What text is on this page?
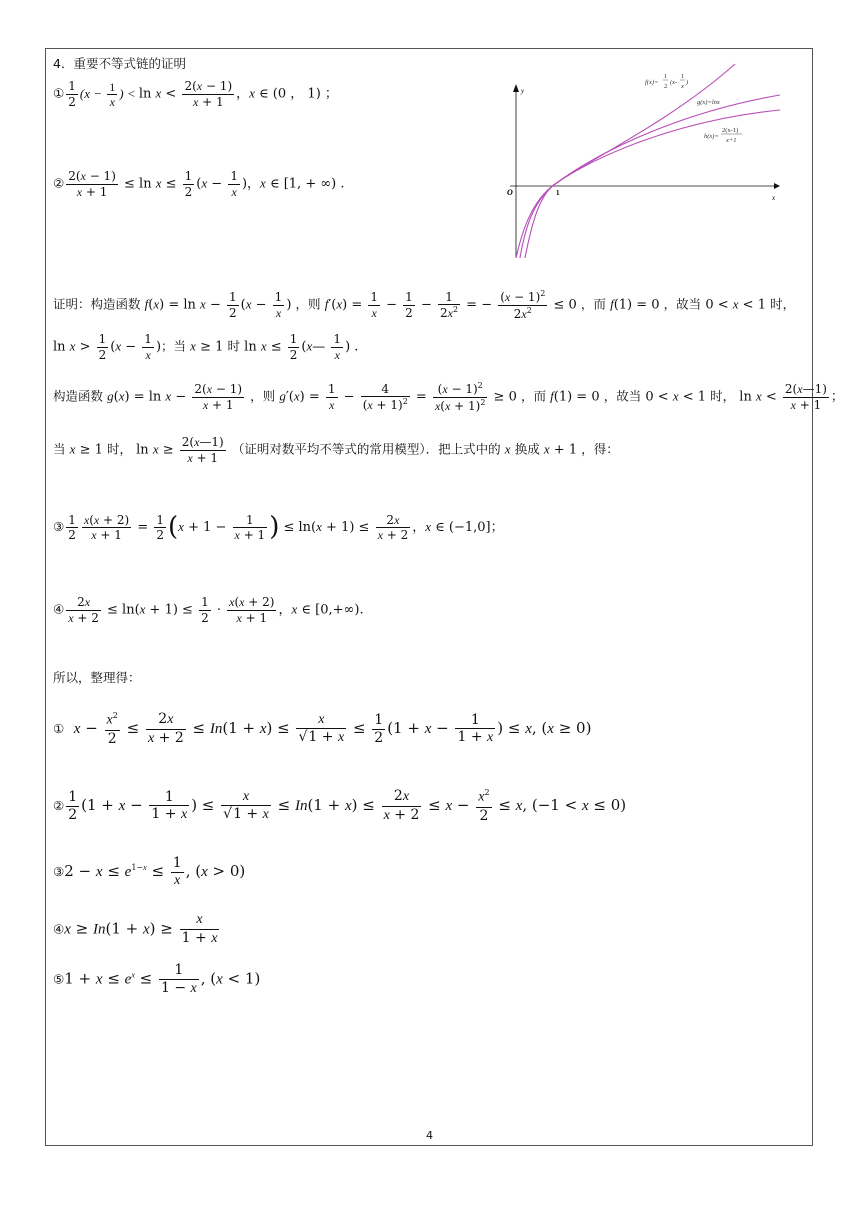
4．重要不等式链的证明
① $\frac{1}{2} (x - \frac{1}{x}$ ) < $\ln x < \frac{2(x - 1)}{x + 1}$ ，x ∈ (0 ， 1) ；
② $\frac{2(x - 1)}{x + 1} \le \ln x \le \frac{1}{2} (x - \frac{1}{x}$ )，x ∈ [1, + ∞) .
x
y
O	1
f(x)=
1
2
(x-
1
x
)
g(x)=lnx
h(x)=
2(x-1)
x+1
证明：构造函数 $f(x) = \ln x - \frac{1}{2} (x - \frac{1}{x}$ ) ，则 $f'(x) = \frac{1}{x} - \frac{1}{2} - \frac{1}{2x^2}$ = − $\frac{(x - 1)^2}{2x^2} \le 0$ ，而 f(1) = 0 ，故当 0 < x < 1 时，
$\ln x > \frac{1}{2} (x - \frac{1}{x}$ )；当 x ≥ 1 时 $\ln x \le \frac{1}{2}$ (x— $\frac{1}{x}$ ) .
构造函数 $g(x) = \ln x - \frac{2(x - 1)}{x + 1}$ ，则 $g'(x) = \frac{1}{x} - \frac{4}{(x + 1)^2} = \frac{(x - 1)^2}{x(x + 1)^2} \ge 0$ ，而 f(1) = 0 ，故当 0 < x < 1 时， $\ln x < \frac{2(x—1)}{x + 1}$ ；
当 x ≥ 1 时， $\ln x \ge \frac{2(x—1)}{x + 1}$ （证明对数平均不等式的常用模型）．把上式中的 x 换成 x + 1 ，得：
③ $\frac{1}{2} \frac{x(x + 2)}{x + 1} = \frac{1}{2} (x + 1 - \frac{1}{x + 1}$ ) ≤ $\ln(x + 1) \le \frac{2x}{x + 2}$ ，x ∈ (−1,0]；
④ $\frac{2x}{x + 2} \le \ln(x + 1) \le \frac{1}{2} \cdot \frac{x(x + 2)}{x + 1}$ ，x ∈ [0,+∞).
所以，整理得：
① $x - \frac{x^2}{2} \le \frac{2x}{x + 2} \le In(1 + x) \le \frac{x}{√1 + x} \le \frac{1}{2} (1 + x - \frac{1}{1 + x}$ ) ≤ x, (x ≥ 0)
② $\frac{1}{2} (1 + x - \frac{1}{1 + x}$ ) ≤ $\frac{x}{√1 + x} \le In(1 + x) \le \frac{2x}{x + 2} \le x - \frac{x^2}{2} \le x$, (−1 < x ≤ 0)
③2 − $x \le e^{1-x} \le \frac{1}{x}$ , (x > 0)
④x ≥ $In(1 + x) \ge \frac{x}{1 + x}$
⑤1 + $x \le e^x \le \frac{1}{1 - x}$ , (x < 1)
4
